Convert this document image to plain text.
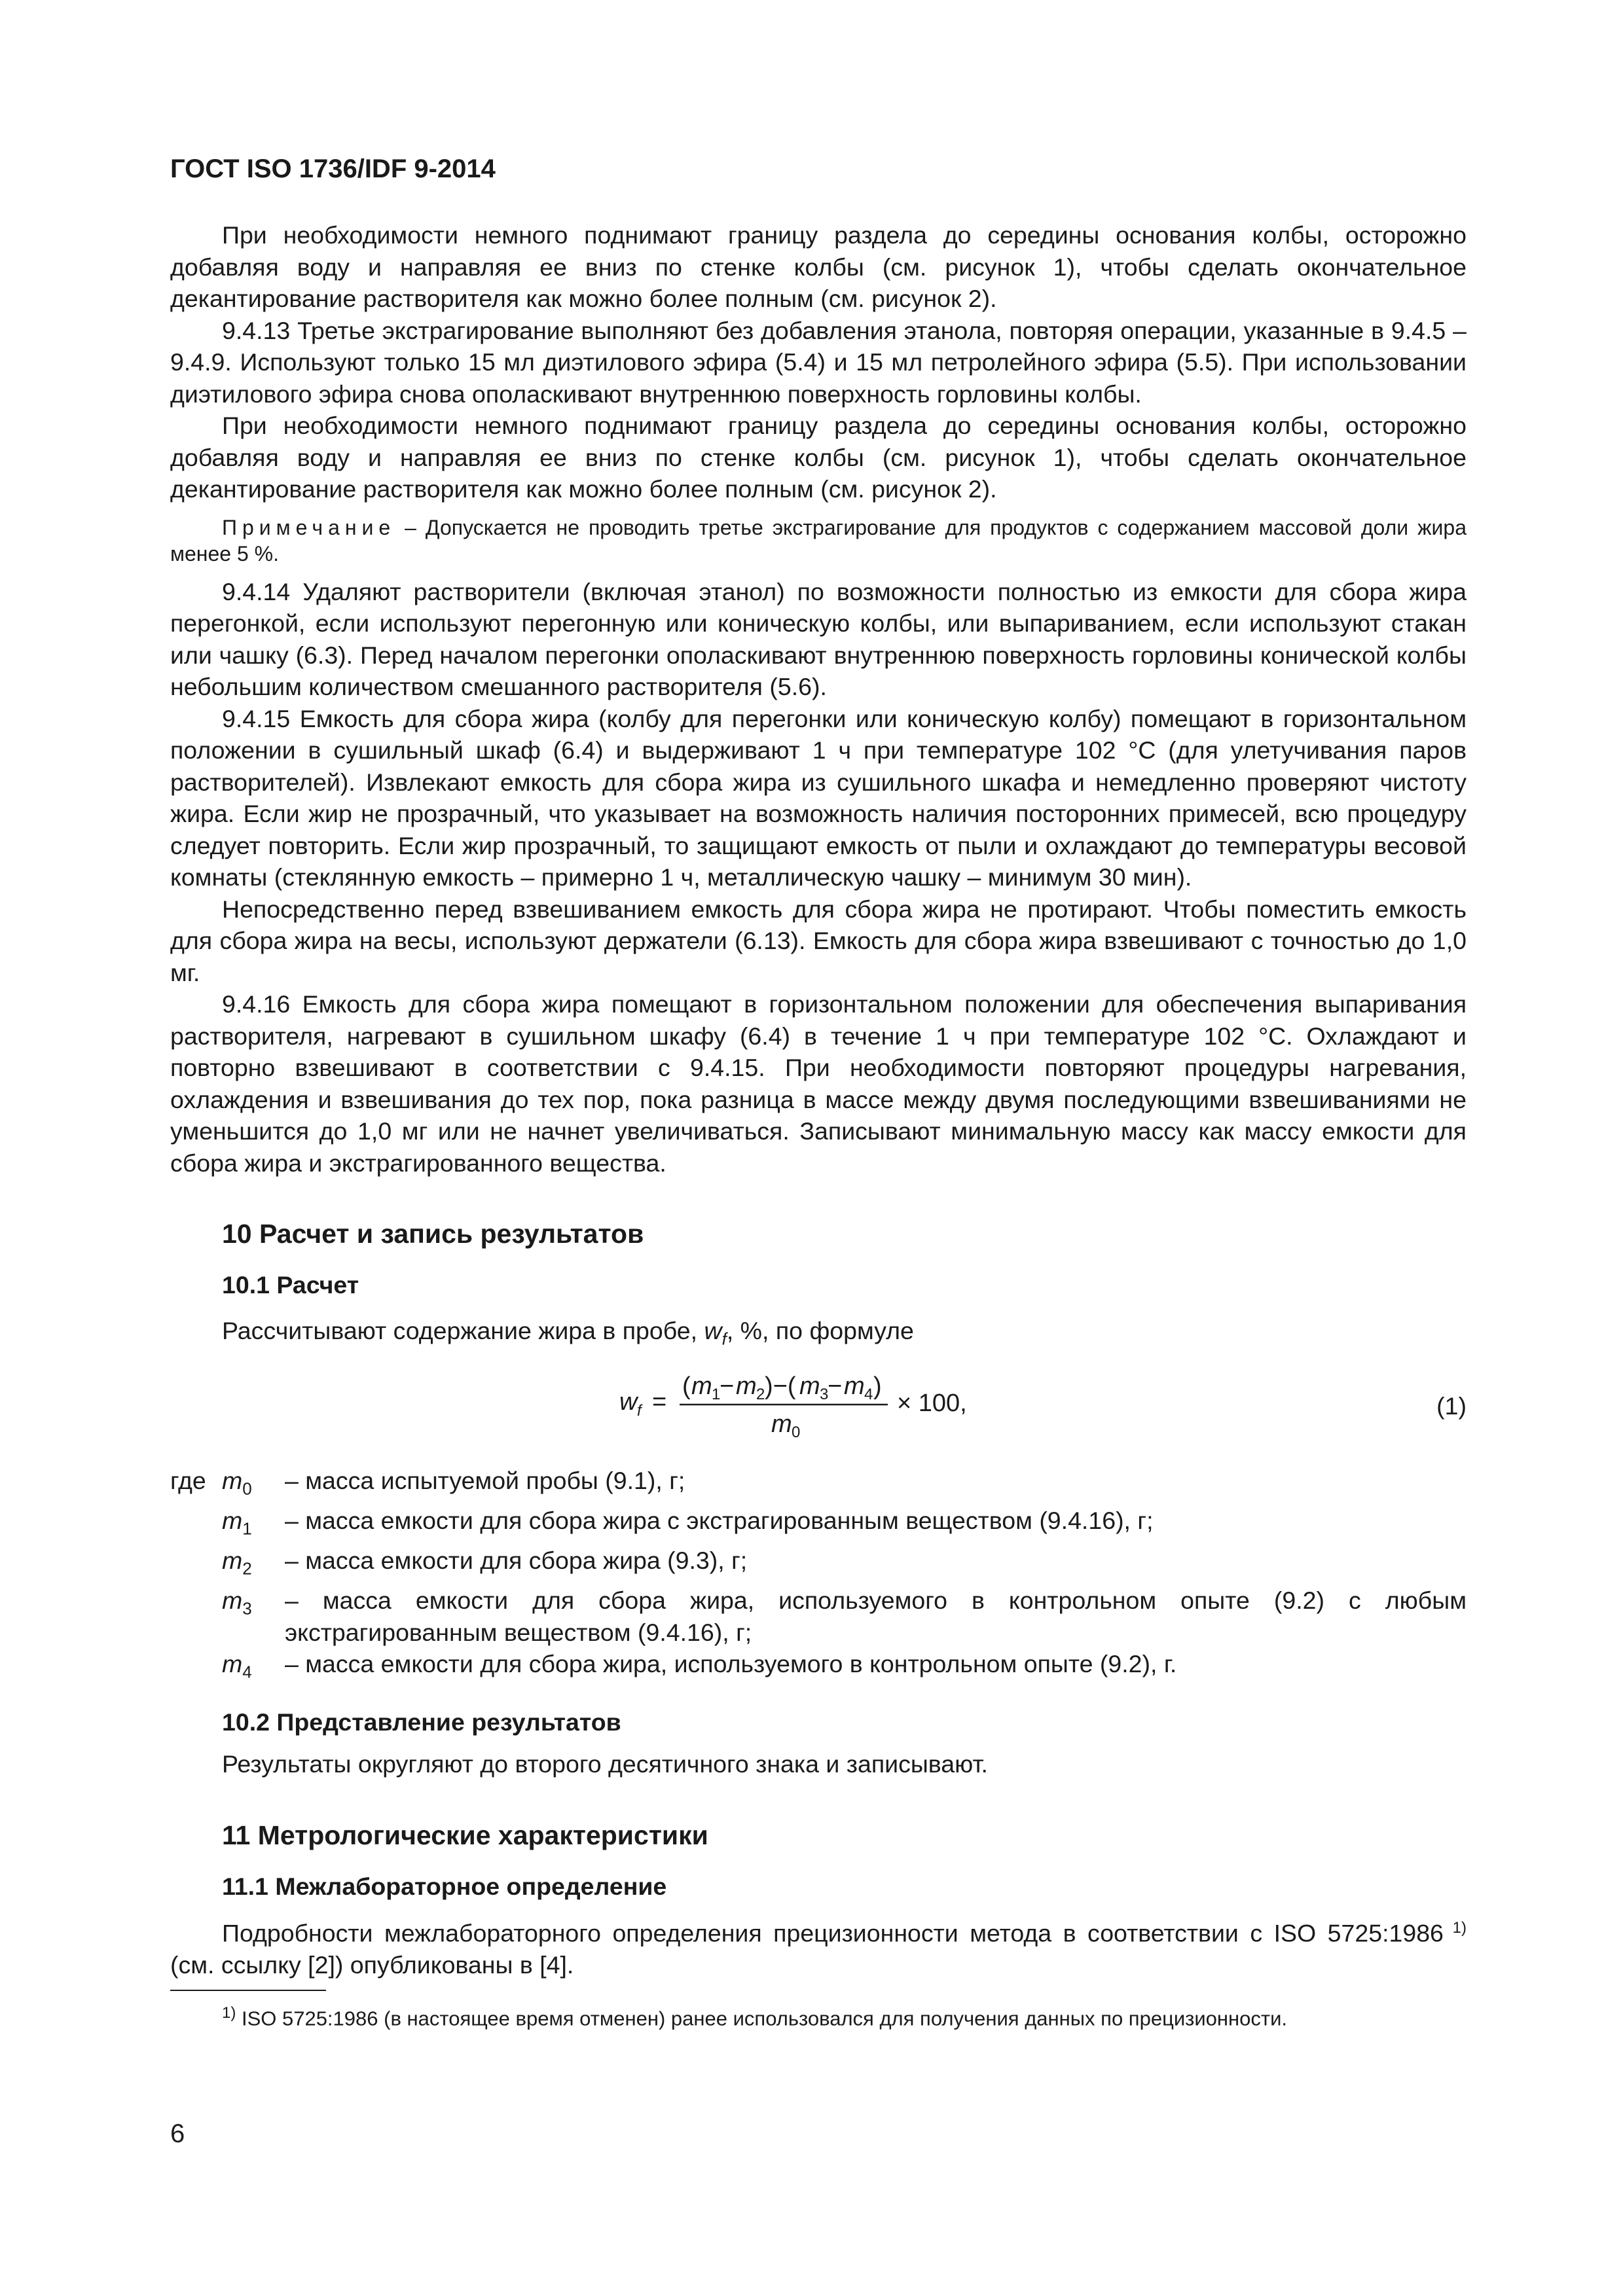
ГОСТ ISO 1736/IDF 9-2014

При необходимости немного поднимают границу раздела до середины основания колбы, осторожно добавляя воду и направляя ее вниз по стенке колбы (см. рисунок 1), чтобы сделать окончательное декантирование растворителя как можно более полным (см. рисунок 2).

9.4.13 Третье экстрагирование выполняют без добавления этанола, повторяя операции, указанные в 9.4.5 – 9.4.9. Используют только 15 мл диэтилового эфира (5.4) и 15 мл петролейного эфира (5.5). При использовании диэтилового эфира снова ополаскивают внутреннюю поверхность горловины колбы.

При необходимости немного поднимают границу раздела до середины основания колбы, осторожно добавляя воду и направляя ее вниз по стенке колбы (см. рисунок 1), чтобы сделать окончательное декантирование растворителя как можно более полным (см. рисунок 2).

Примечание – Допускается не проводить третье экстрагирование для продуктов с содержанием массовой доли жира менее 5 %.

9.4.14 Удаляют растворители (включая этанол) по возможности полностью из емкости для сбора жира перегонкой, если используют перегонную или коническую колбы, или выпариванием, если используют стакан или чашку (6.3). Перед началом перегонки ополаскивают внутреннюю поверхность горловины конической колбы небольшим количеством смешанного растворителя (5.6).

9.4.15 Емкость для сбора жира (колбу для перегонки или коническую колбу) помещают в горизонтальном положении в сушильный шкаф (6.4) и выдерживают 1 ч при температуре 102 °С (для улетучивания паров растворителей). Извлекают емкость для сбора жира из сушильного шкафа и немедленно проверяют чистоту жира. Если жир не прозрачный, что указывает на возможность наличия посторонних примесей, всю процедуру следует повторить. Если жир прозрачный, то защищают емкость от пыли и охлаждают до температуры весовой комнаты (стеклянную емкость – примерно 1 ч, металлическую чашку – минимум 30 мин).

Непосредственно перед взвешиванием емкость для сбора жира не протирают. Чтобы поместить емкость для сбора жира на весы, используют держатели (6.13). Емкость для сбора жира взвешивают с точностью до 1,0 мг.

9.4.16 Емкость для сбора жира помещают в горизонтальном положении для обеспечения выпаривания растворителя, нагревают в сушильном шкафу (6.4) в течение 1 ч при температуре 102 °С. Охлаждают и повторно взвешивают в соответствии с 9.4.15. При необходимости повторяют процедуры нагревания, охлаждения и взвешивания до тех пор, пока разница в массе между двумя последующими взвешиваниями не уменьшится до 1,0 мг или не начнет увеличиваться. Записывают минимальную массу как массу емкости для сбора жира и экстрагированного вещества.

10 Расчет и запись результатов
10.1 Расчет

Рассчитывают содержание жира в пробе, $w_f$, %, по формуле

w f =
( m 1
− m 2 )−( m 3
− m 4 )
m 0
× 100,	(1)
где $m_0$	– масса испытуемой пробы (9.1), г;
$m_1$	– масса емкости для сбора жира с экстрагированным веществом (9.4.16), г;
$m_2$	– масса емкости для сбора жира (9.3), г;
$m_3$	– масса емкости для сбора жира, используемого в контрольном опыте (9.2) с любым экстрагированным веществом (9.4.16), г;
$m_4$	– масса емкости для сбора жира, используемого в контрольном опыте (9.2), г.
10.2 Представление результатов

Результаты округляют до второго десятичного знака и записывают.

11 Метрологические характеристики
11.1 Межлабораторное определение

Подробности межлабораторного определения прецизионности метода в соответствии с ISO 5725:1986 $^{1)}$ (см. ссылку [2]) опубликованы в [4].

$^{1)}$ ISO 5725:1986 (в настоящее время отменен) ранее использовался для получения данных по прецизионности.
6
